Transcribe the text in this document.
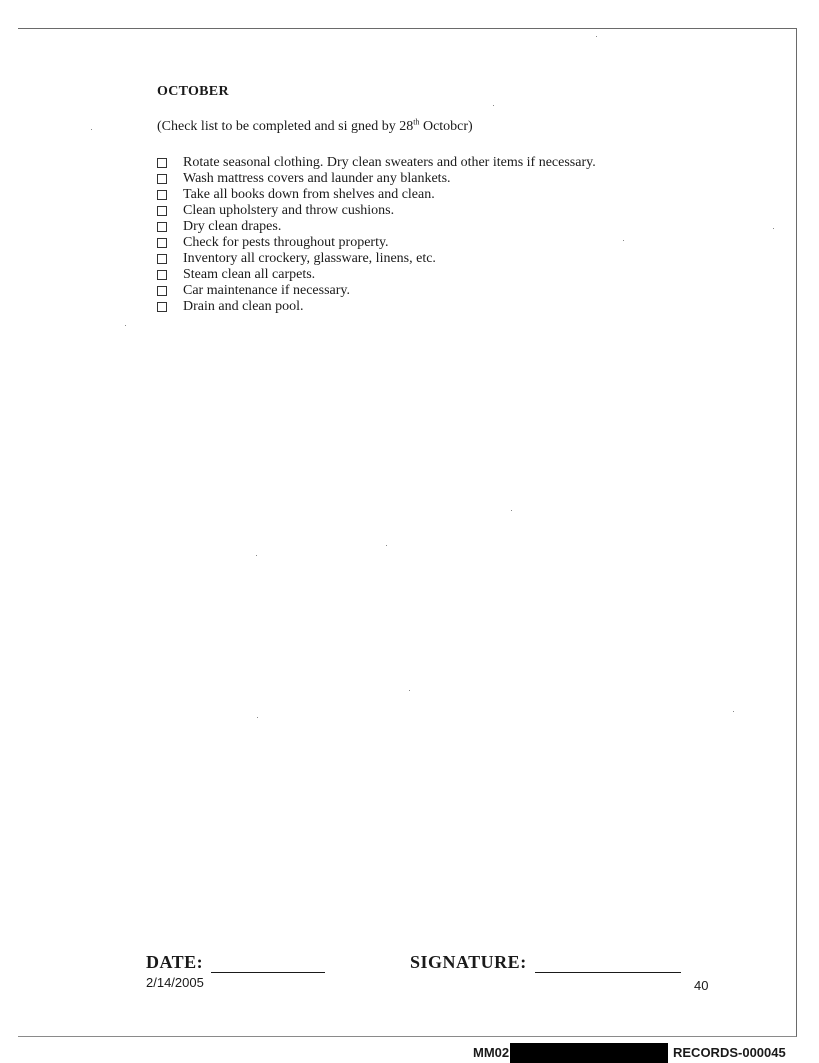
OCTOBER
(Check list to be completed and si gned by 28th Octobcr)
Rotate seasonal clothing. Dry clean sweaters and other items if necessary.
Wash mattress covers and launder any blankets.
Take all books down from shelves and clean.
Clean upholstery and throw cushions.
Dry clean drapes.
Check for pests throughout property.
Inventory all crockery, glassware, linens, etc.
Steam clean all carpets.
Car maintenance if necessary.
Drain and clean pool.
DATE:	SIGNATURE:
2/14/2005	40
MM02	RECORDS-000045
